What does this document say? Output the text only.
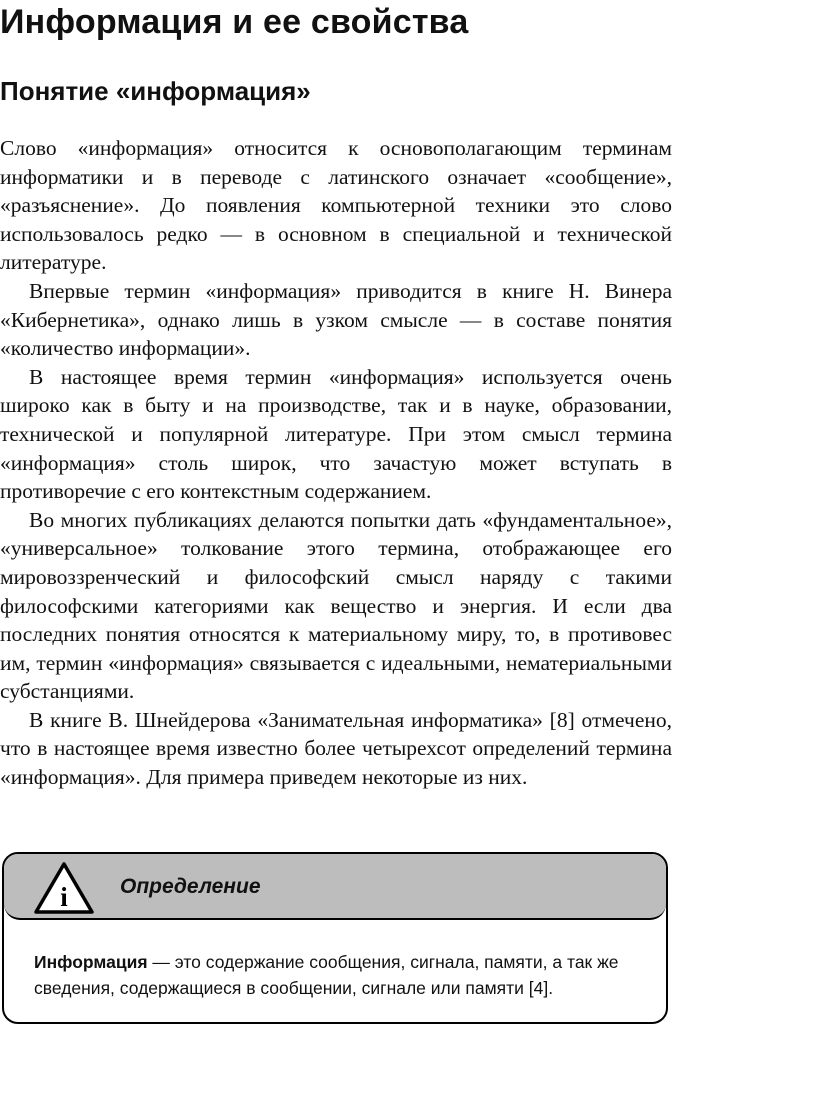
Информация и ее свойства
Понятие «информация»

Слово «информация» относится к основополагающим терминам информатики и в переводе с латинского означает «сообщение», «разъяснение». До появления компьютерной техники это слово использовалось редко — в основном в специальной и технической литературе.

Впервые термин «информация» приводится в книге Н. Винера «Кибернетика», однако лишь в узком смысле — в составе понятия «количество информации».

В настоящее время термин «информация» используется очень широко как в быту и на производстве, так и в науке, образовании, технической и популярной литературе. При этом смысл термина «информация» столь широк, что зачастую может вступать в противоречие с его контекстным содержанием.

Во многих публикациях делаются попытки дать «фундаментальное», «универсальное» толкование этого термина, отображающее его мировоззренческий и философский смысл наряду с такими философскими категориями как вещество и энергия. И если два последних понятия относятся к материальному миру, то, в противовес им, термин «информация» связывается с идеальными, нематериальными субстанциями.

В книге В. Шнейдерова «Занимательная информатика» [8] отмечено, что в настоящее время известно более четырехсот определений термина «информация». Для примера приведем некоторые из них.

i Определение
Информация — это содержание сообщения, сигнала, памяти, а так же сведения, содержащиеся в сообщении, сигнале или памяти [4].
